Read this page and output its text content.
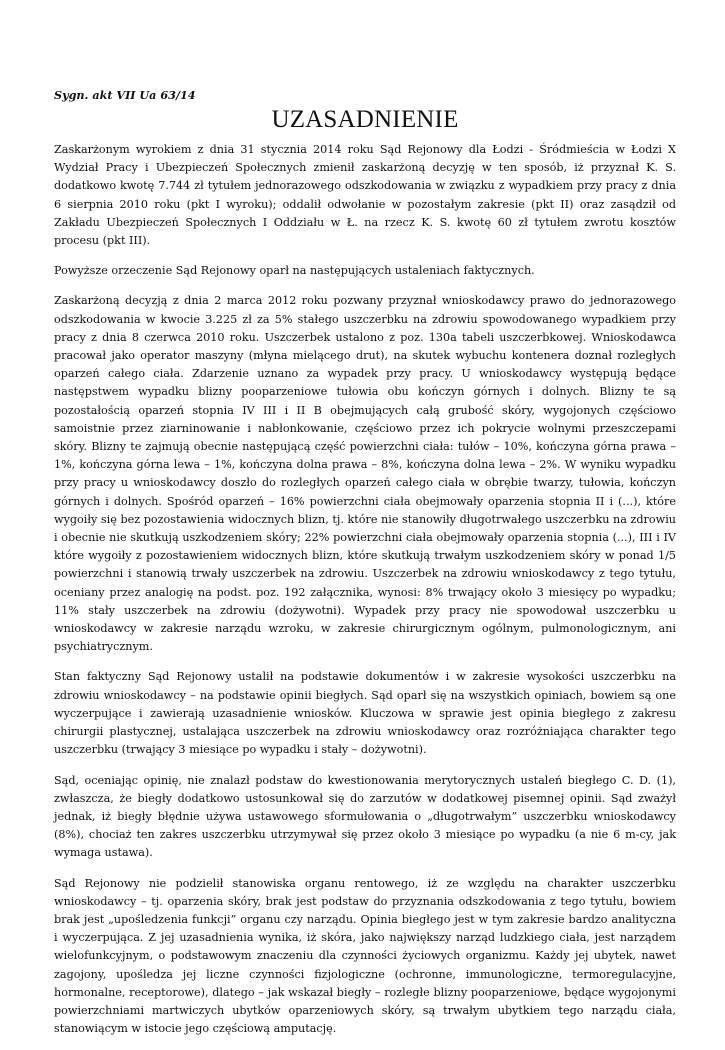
Sygn. akt VII Ua 63/14

UZASADNIENIE

Zaskarżonym wyrokiem z dnia 31 stycznia 2014 roku Sąd Rejonowy dla Łodzi - Śródmieścia w Łodzi X Wydział Pracy i Ubezpieczeń Społecznych zmienił zaskarżoną decyzję w ten sposób, iż przyznał K. S. dodatkowo kwotę 7.744 zł tytułem jednorazowego odszkodowania w związku z wypadkiem przy pracy z dnia 6 sierpnia 2010 roku (pkt I wyroku); oddalił odwołanie w pozostałym zakresie (pkt II) oraz zasądził od Zakładu Ubezpieczeń Społecznych I Oddziału w Ł. na rzecz K. S. kwotę 60 zł tytułem zwrotu kosztów procesu (pkt III).

Powyższe orzeczenie Sąd Rejonowy oparł na następujących ustaleniach faktycznych.

Zaskarżoną decyzją z dnia 2 marca 2012 roku pozwany przyznał wnioskodawcy prawo do jednorazowego odszkodowania w kwocie 3.225 zł za 5% stałego uszczerbku na zdrowiu spowodowanego wypadkiem przy pracy z dnia 8 czerwca 2010 roku. Uszczerbek ustalono z poz. 130a tabeli uszczerbkowej. Wnioskodawca pracował jako operator maszyny (młyna mielącego drut), na skutek wybuchu kontenera doznał rozległych oparzeń całego ciała. Zdarzenie uznano za wypadek przy pracy. U wnioskodawcy występują będące następstwem wypadku blizny pooparzeniowe tułowia obu kończyn górnych i dolnych. Blizny te są pozostałością oparzeń stopnia IV III i II B obejmujących całą grubość skóry, wygojonych częściowo samoistnie przez ziarninowanie i nabłonkowanie, częściowo przez ich pokrycie wolnymi przeszczepami skóry. Blizny te zajmują obecnie następującą część powierzchni ciała: tułów – 10%, kończyna górna prawa – 1%, kończyna górna lewa – 1%, kończyna dolna prawa – 8%, kończyna dolna lewa – 2%. W wyniku wypadku przy pracy u wnioskodawcy doszło do rozległych oparzeń całego ciała w obrębie twarzy, tułowia, kończyn górnych i dolnych. Spośród oparzeń – 16% powierzchni ciała obejmowały oparzenia stopnia II i (...), które wygoiły się bez pozostawienia widocznych blizn, tj. które nie stanowiły długotrwałego uszczerbku na zdrowiu i obecnie nie skutkują uszkodzeniem skóry; 22% powierzchni ciała obejmowały oparzenia stopnia (...), III i IV które wygoiły z pozostawieniem widocznych blizn, które skutkują trwałym uszkodzeniem skóry w ponad 1/5 powierzchni i stanowią trwały uszczerbek na zdrowiu. Uszczerbek na zdrowiu wnioskodawcy z tego tytułu, oceniany przez analogię na podst. poz. 192 załącznika, wynosi: 8% trwający około 3 miesięcy po wypadku; 11% stały uszczerbek na zdrowiu (dożywotni). Wypadek przy pracy nie spowodował uszczerbku u wnioskodawcy w zakresie narządu wzroku, w zakresie chirurgicznym ogólnym, pulmonologicznym, ani psychiatrycznym.

Stan faktyczny Sąd Rejonowy ustalił na podstawie dokumentów i w zakresie wysokości uszczerbku na zdrowiu wnioskodawcy – na podstawie opinii biegłych. Sąd oparł się na wszystkich opiniach, bowiem są one wyczerpujące i zawierają uzasadnienie wniosków. Kluczowa w sprawie jest opinia biegłego z zakresu chirurgii plastycznej, ustalająca uszczerbek na zdrowiu wnioskodawcy oraz rozróżniająca charakter tego uszczerbku (trwający 3 miesiące po wypadku i stały – dożywotni).

Sąd, oceniając opinię, nie znalazł podstaw do kwestionowania merytorycznych ustaleń biegłego C. D. (1), zwłaszcza, że biegły dodatkowo ustosunkował się do zarzutów w dodatkowej pisemnej opinii. Sąd zważył jednak, iż biegły błędnie używa ustawowego sformułowania o „długotrwałym” uszczerbku wnioskodawcy (8%), chociaż ten zakres uszczerbku utrzymywał się przez około 3 miesiące po wypadku (a nie 6 m-cy, jak wymaga ustawa).

Sąd Rejonowy nie podzielił stanowiska organu rentowego, iż ze względu na charakter uszczerbku wnioskodawcy – tj. oparzenia skóry, brak jest podstaw do przyznania odszkodowania z tego tytułu, bowiem brak jest „upośledzenia funkcji” organu czy narządu. Opinia biegłego jest w tym zakresie bardzo analityczna i wyczerpująca. Z jej uzasadnienia wynika, iż skóra, jako największy narząd ludzkiego ciała, jest narządem wielofunkcyjnym, o podstawowym znaczeniu dla czynności życiowych organizmu. Każdy jej ubytek, nawet zagojony, upośledza jej liczne czynności fizjologiczne (ochronne, immunologiczne, termoregulacyjne, hormonalne, receptorowe), dlatego – jak wskazał biegły – rozległe blizny pooparzeniowe, będące wygojonymi powierzchniami martwiczych ubytków oparzeniowych skóry, są trwałym ubytkiem tego narządu ciała, stanowiącym w istocie jego częściową amputację.
